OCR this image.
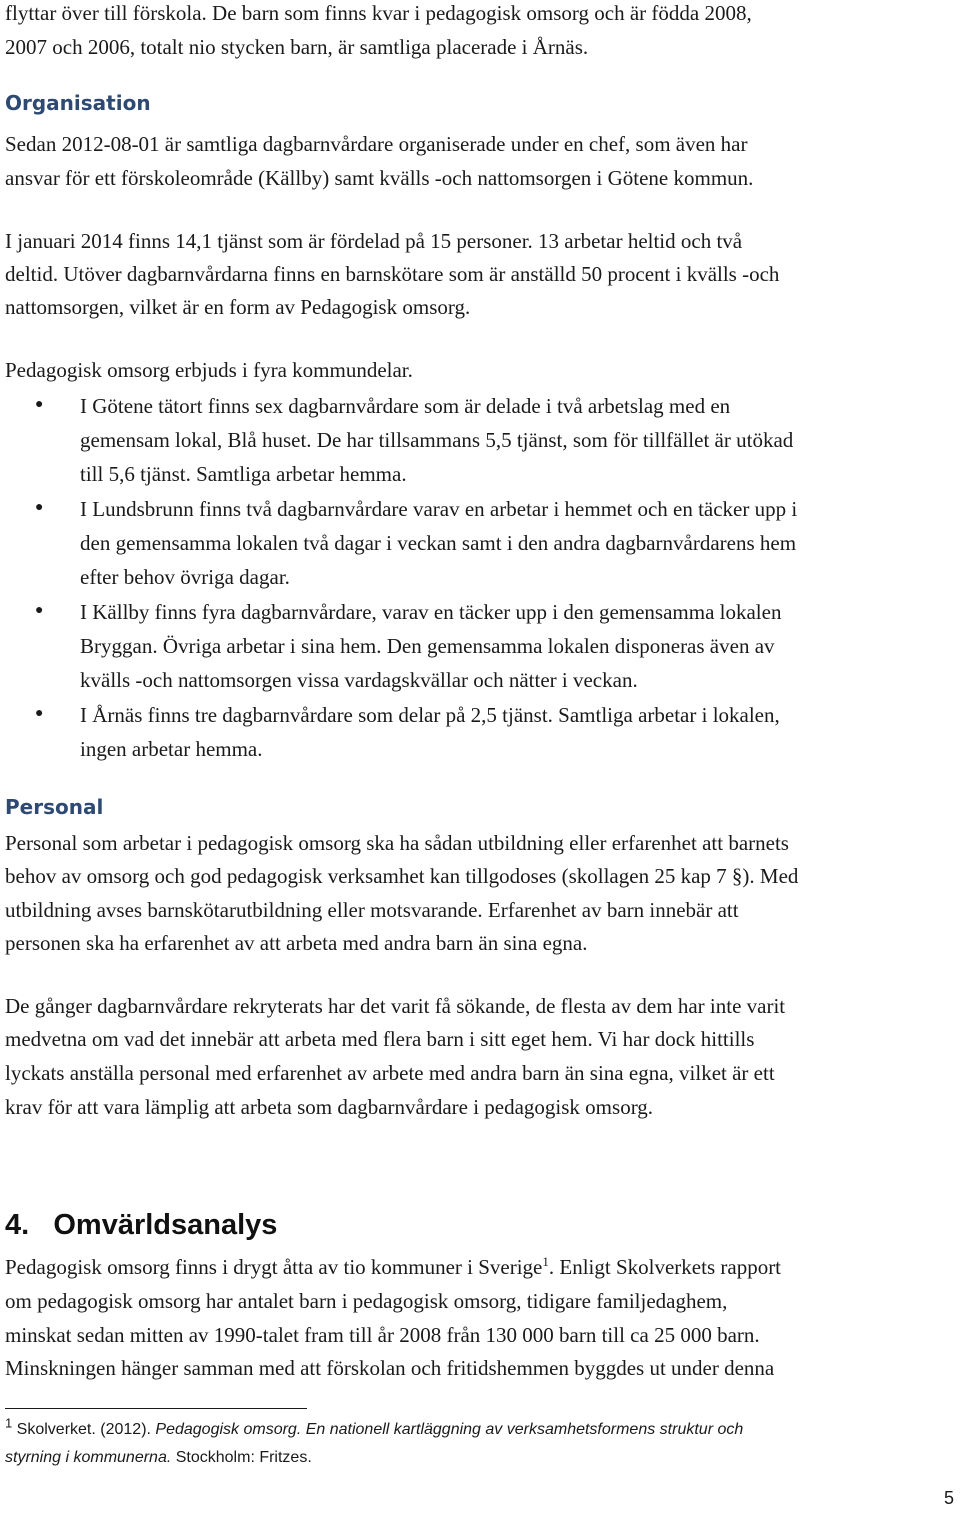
flyttar över till förskola. De barn som finns kvar i pedagogisk omsorg och är födda 2008,
2007 och 2006, totalt nio stycken barn, är samtliga placerade i Årnäs.
Organisation
Sedan 2012-08-01 är samtliga dagbarnvårdare organiserade under en chef, som även har
ansvar för ett förskoleområde (Källby) samt kvälls -och nattomsorgen i Götene kommun.
I januari 2014 finns 14,1 tjänst som är fördelad på 15 personer. 13 arbetar heltid och två
deltid. Utöver dagbarnvårdarna finns en barnskötare som är anställd 50 procent i kvälls -och
nattomsorgen, vilket är en form av Pedagogisk omsorg.
Pedagogisk omsorg erbjuds i fyra kommundelar.
● I Götene tätort finns sex dagbarnvårdare som är delade i två arbetslag med en
gemensam lokal, Blå huset. De har tillsammans 5,5 tjänst, som för tillfället är utökad
till 5,6 tjänst. Samtliga arbetar hemma.
● I Lundsbrunn finns två dagbarnvårdare varav en arbetar i hemmet och en täcker upp i
den gemensamma lokalen två dagar i veckan samt i den andra dagbarnvårdarens hem
efter behov övriga dagar.
● I Källby finns fyra dagbarnvårdare, varav en täcker upp i den gemensamma lokalen
Bryggan. Övriga arbetar i sina hem. Den gemensamma lokalen disponeras även av
kvälls -och nattomsorgen vissa vardagskvällar och nätter i veckan.
● I Årnäs finns tre dagbarnvårdare som delar på 2,5 tjänst. Samtliga arbetar i lokalen,
ingen arbetar hemma.
Personal
Personal som arbetar i pedagogisk omsorg ska ha sådan utbildning eller erfarenhet att barnets
behov av omsorg och god pedagogisk verksamhet kan tillgodoses (skollagen 25 kap 7 §). Med
utbildning avses barnskötarutbildning eller motsvarande. Erfarenhet av barn innebär att
personen ska ha erfarenhet av att arbeta med andra barn än sina egna.
De gånger dagbarnvårdare rekryterats har det varit få sökande, de flesta av dem har inte varit
medvetna om vad det innebär att arbeta med flera barn i sitt eget hem. Vi har dock hittills
lyckats anställa personal med erfarenhet av arbete med andra barn än sina egna, vilket är ett
krav för att vara lämplig att arbeta som dagbarnvårdare i pedagogisk omsorg.
4.   Omvärldsanalys
Pedagogisk omsorg finns i drygt åtta av tio kommuner i Sverige$^1$. Enligt Skolverkets rapport
om pedagogisk omsorg har antalet barn i pedagogisk omsorg, tidigare familjedaghem,
minskat sedan mitten av 1990-talet fram till år 2008 från 130 000 barn till ca 25 000 barn.
Minskningen hänger samman med att förskolan och fritidshemmen byggdes ut under denna
$^1$ Skolverket. (2012). Pedagogisk omsorg. En nationell kartläggning av verksamhetsformens struktur och
styrning i kommunerna. Stockholm: Fritzes.
5
